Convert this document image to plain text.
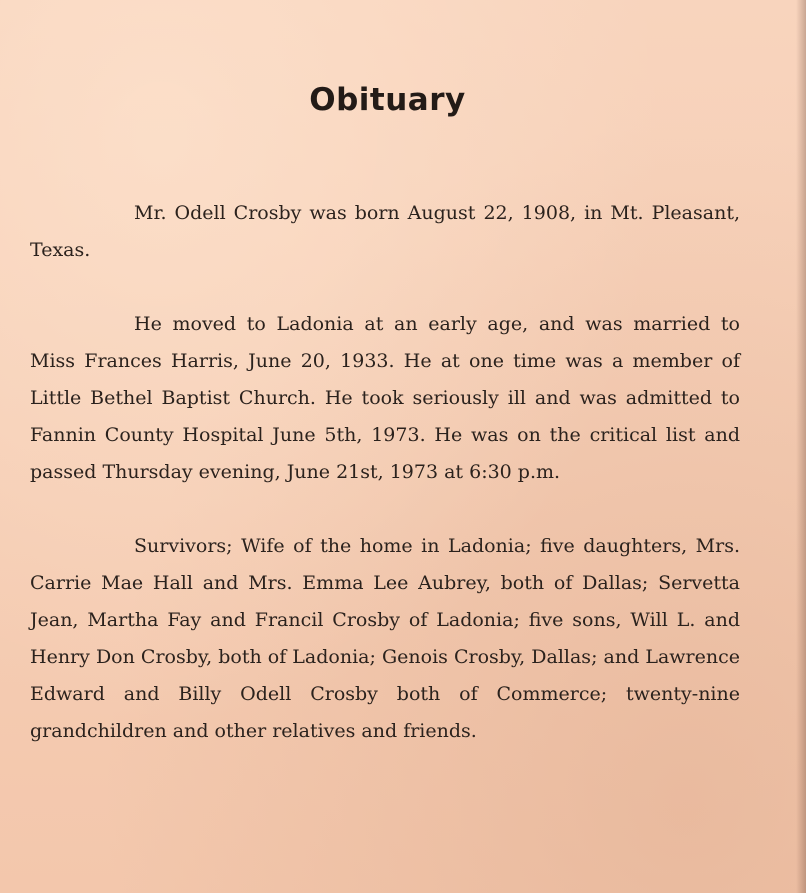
Obituary

Mr. Odell Crosby was born August 22, 1908, in Mt. Pleasant, Texas.

He moved to Ladonia at an early age, and was married to Miss Frances Harris, June 20, 1933. He at one time was a member of Little Bethel Baptist Church. He took seriously ill and was admitted to Fannin County Hospital June 5th, 1973. He was on the critical list and passed Thursday evening, June 21st, 1973 at 6:30 p.m.

Survivors; Wife of the home in Ladonia; five daughters, Mrs. Carrie Mae Hall and Mrs. Emma Lee Aubrey, both of Dallas; Servetta Jean, Martha Fay and Francil Crosby of Ladonia; five sons, Will L. and Henry Don Crosby, both of Ladonia; Genois Crosby, Dallas; and Lawrence Edward and Billy Odell Crosby both of Commerce; twenty-nine grandchildren and other relatives and friends.
